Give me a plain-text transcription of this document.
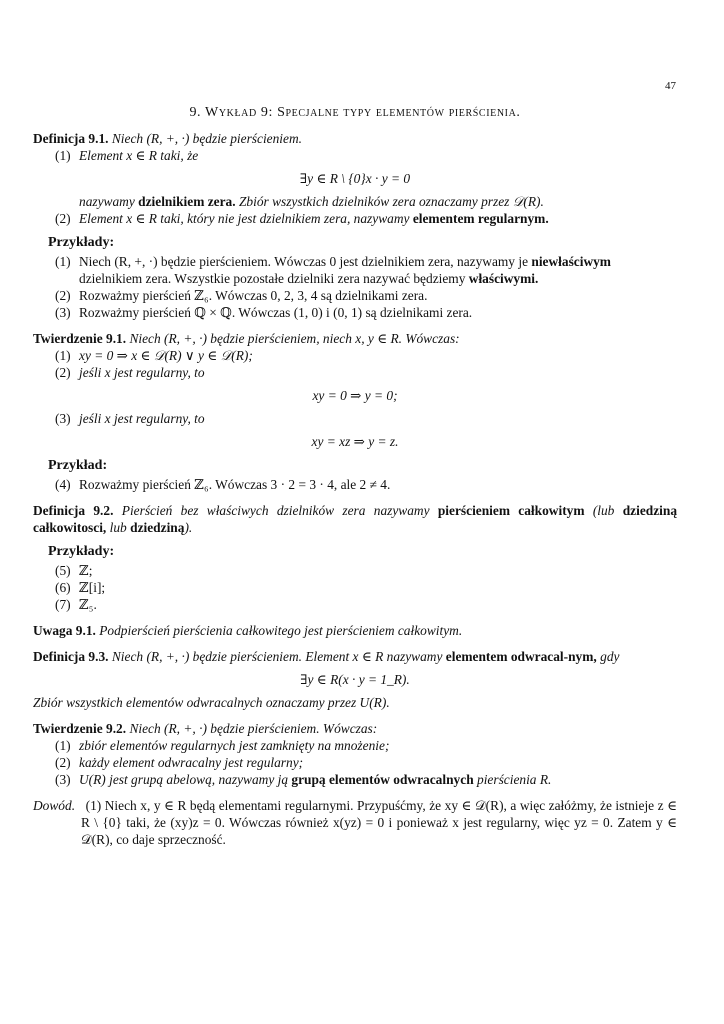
47
9. Wykład 9: Specjalne typy elementów pierścienia.
Definicja 9.1. Niech (R, +, ·) będzie pierścieniem.
(1) Element x ∈ R taki, że
∃y ∈ R \ {0}x · y = 0
nazywamy dzielnikiem zera. Zbiór wszystkich dzielników zera oznaczamy przez 𝒟(R).
(2) Element x ∈ R taki, który nie jest dzielnikiem zera, nazywamy elementem regularnym.
Przykłady:
(1) Niech (R, +, ·) będzie pierścieniem. Wówczas 0 jest dzielnikiem zera, nazywamy je niewłaściwym
dzielnikiem zera. Wszystkie pozostałe dzielniki zera nazywać będziemy właściwymi.
(2) Rozważmy pierścień ℤ₆. Wówczas 0, 2, 3, 4 są dzielnikami zera.
(3) Rozważmy pierścień ℚ × ℚ. Wówczas (1, 0) i (0, 1) są dzielnikami zera.
Twierdzenie 9.1. Niech (R, +, ·) będzie pierścieniem, niech x, y ∈ R. Wówczas:
(1) xy = 0 ⇒ x ∈ 𝒟(R) ∨ y ∈ 𝒟(R);
(2) jeśli x jest regularny, to
xy = 0 ⇒ y = 0;
(3) jeśli x jest regularny, to
xy = xz ⇒ y = z.
Przykład:
(4) Rozważmy pierścień ℤ₆. Wówczas 3 · 2 = 3 · 4, ale 2 ≠ 4.
Definicja 9.2. Pierścień bez właściwych dzielników zera nazywamy pierścieniem całkowitym (lub dziedziną całkowitosci, lub dziedziną).
Przykłady:
(5) ℤ;
(6) ℤ[i];
(7) ℤ₅.
Uwaga 9.1. Podpierścień pierścienia całkowitego jest pierścieniem całkowitym.
Definicja 9.3. Niech (R, +, ·) będzie pierścieniem. Element x ∈ R nazywamy elementem odwracal-nym, gdy
∃y ∈ R(x · y = 1_R).
Zbiór wszystkich elementów odwracalnych oznaczamy przez U(R).
Twierdzenie 9.2. Niech (R, +, ·) będzie pierścieniem. Wówczas:
(1) zbiór elementów regularnych jest zamknięty na mnożenie;
(2) każdy element odwracalny jest regularny;
(3) U(R) jest grupą abelową, nazywamy ją grupą elementów odwracalnych pierścienia R.
Dowód. (1) Niech x, y ∈ R będą elementami regularnymi. Przypuśćmy, że xy ∈ 𝒟(R), a więc załóżmy, że istnieje z ∈ R \ {0} taki, że (xy)z = 0. Wówczas również x(yz) = 0 i ponieważ x jest regularny, więc yz = 0. Zatem y ∈ 𝒟(R), co daje sprzeczność.
